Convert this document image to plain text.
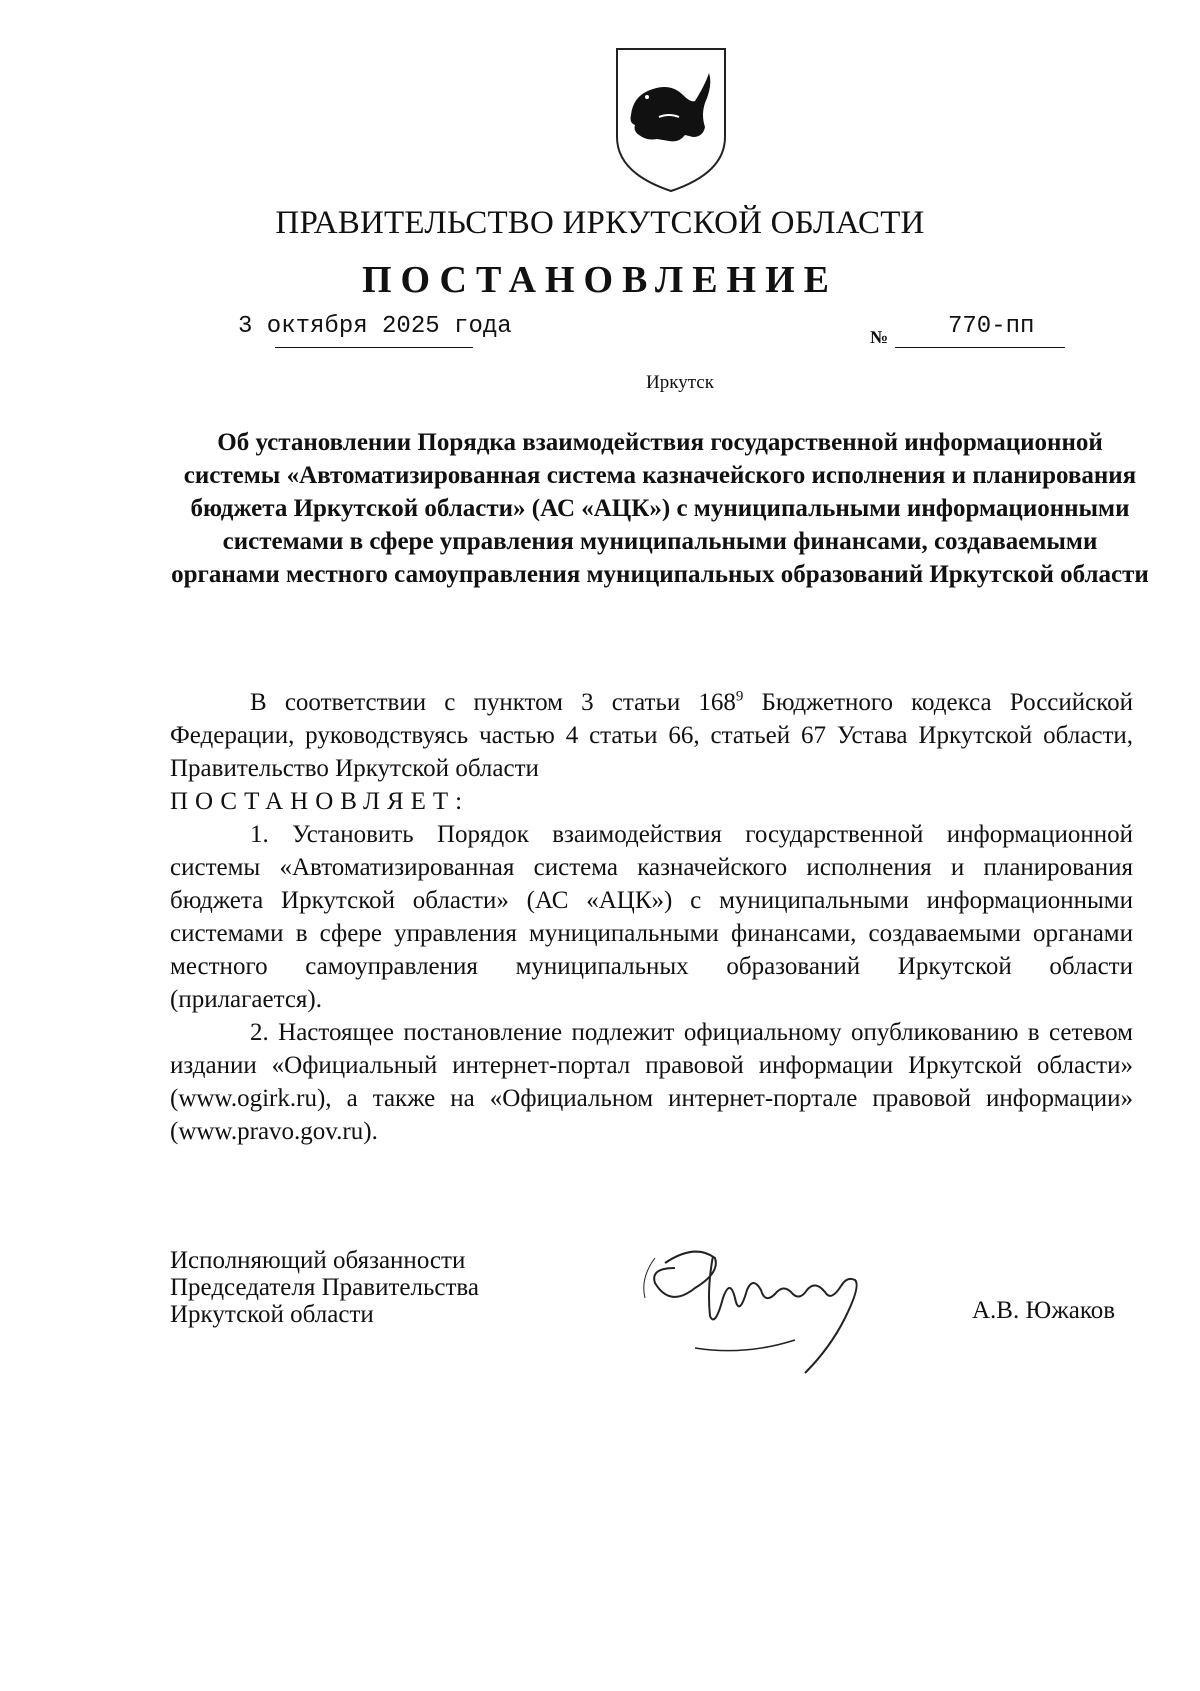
ПРАВИТЕЛЬСТВО ИРКУТСКОЙ ОБЛАСТИ
ПОСТАНОВЛЕНИЕ
3 октября 2025 года	№ 770-пп
Иркутск
Об установлении Порядка взаимодействия государственной информационной системы «Автоматизированная система казначейского исполнения и планирования бюджета Иркутской области» (АС «АЦК») с муниципальными информационными системами в сфере управления муниципальными финансами, создаваемыми органами местного самоуправления муниципальных образований Иркутской области

В соответствии с пунктом 3 статьи $168^9$ Бюджетного кодекса Российской Федерации, руководствуясь частью 4 статьи 66, статьей 67 Устава Иркутской области, Правительство Иркутской области

ПОСТАНОВЛЯЕТ:

1. Установить Порядок взаимодействия государственной информационной системы «Автоматизированная система казначейского исполнения и планирования бюджета Иркутской области» (АС «АЦК») с муниципальными информационными системами в сфере управления муниципальными финансами, создаваемыми органами местного самоуправления муниципальных образований Иркутской области (прилагается).

2. Настоящее постановление подлежит официальному опубликованию в сетевом издании «Официальный интернет-портал правовой информации Иркутской области» (www.ogirk.ru), а также на «Официальном интернет-портале правовой информации» (www.pravo.gov.ru).

Исполняющий обязанности
Председателя Правительства
Иркутской области	А.В. Южаков
